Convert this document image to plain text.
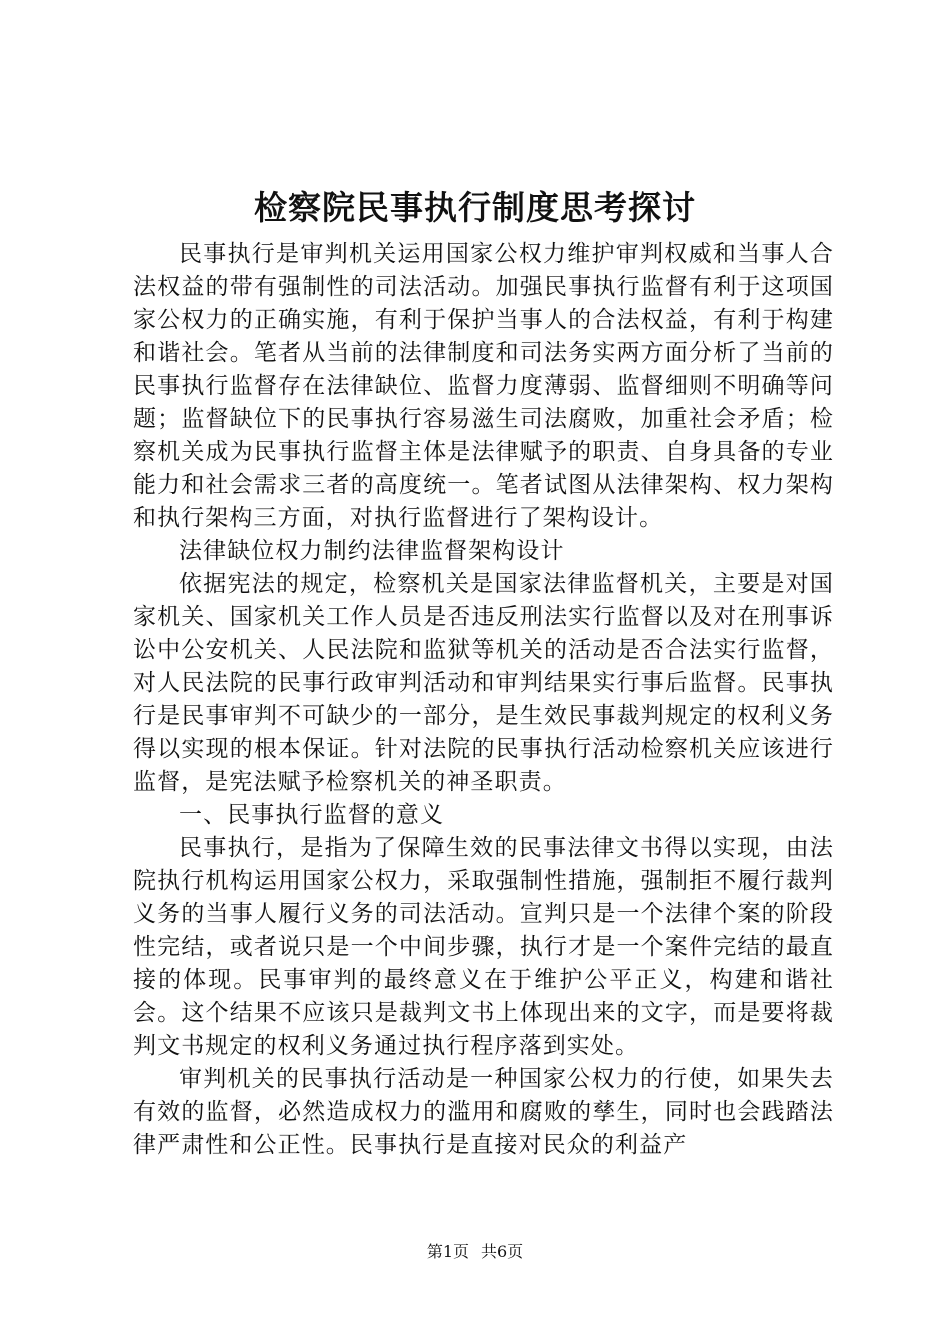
检察院民事执行制度思考探讨

民事执行是审判机关运用国家公权力维护审判权威和当事人合法权益的带有强制性的司法活动。加强民事执行监督有利于这项国家公权力的正确实施，有利于保护当事人的合法权益，有利于构建和谐社会。笔者从当前的法律制度和司法务实两方面分析了当前的民事执行监督存在法律缺位、监督力度薄弱、监督细则不明确等问题；监督缺位下的民事执行容易滋生司法腐败，加重社会矛盾；检察机关成为民事执行监督主体是法律赋予的职责、自身具备的专业能力和社会需求三者的高度统一。笔者试图从法律架构、权力架构和执行架构三方面，对执行监督进行了架构设计。

法律缺位权力制约法律监督架构设计

依据宪法的规定，检察机关是国家法律监督机关，主要是对国家机关、国家机关工作人员是否违反刑法实行监督以及对在刑事诉讼中公安机关、人民法院和监狱等机关的活动是否合法实行监督，对人民法院的民事行政审判活动和审判结果实行事后监督。民事执行是民事审判不可缺少的一部分，是生效民事裁判规定的权利义务得以实现的根本保证。针对法院的民事执行活动检察机关应该进行监督，是宪法赋予检察机关的神圣职责。

一、民事执行监督的意义

民事执行，是指为了保障生效的民事法律文书得以实现，由法院执行机构运用国家公权力，采取强制性措施，强制拒不履行裁判义务的当事人履行义务的司法活动。宣判只是一个法律个案的阶段性完结，或者说只是一个中间步骤，执行才是一个案件完结的最直接的体现。民事审判的最终意义在于维护公平正义，构建和谐社会。这个结果不应该只是裁判文书上体现出来的文字，而是要将裁判文书规定的权利义务通过执行程序落到实处。

审判机关的民事执行活动是一种国家公权力的行使，如果失去有效的监督，必然造成权力的滥用和腐败的孳生，同时也会践踏法律严肃性和公正性。民事执行是直接对民众的利益产

第1页 共6页
